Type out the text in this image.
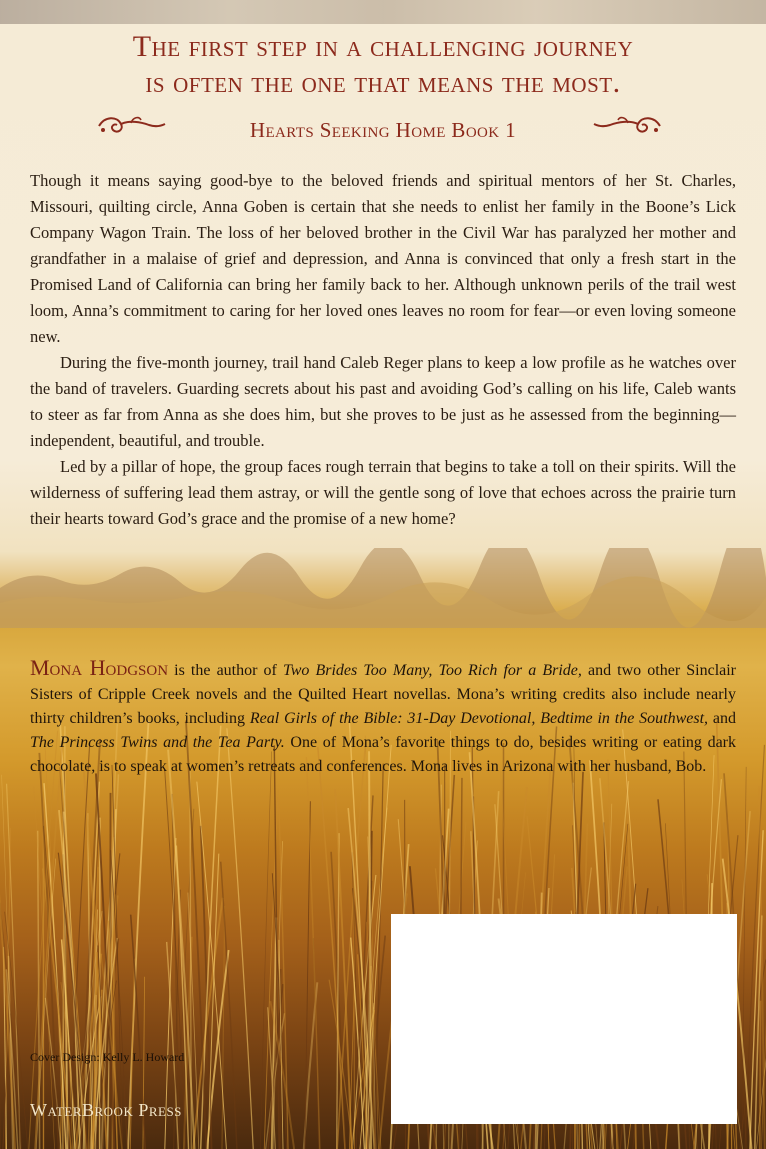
The first step in a challenging journey
is often the one that means the most.
Hearts Seeking Home Book 1

Though it means saying good-bye to the beloved friends and spiritual mentors of her St. Charles, Missouri, quilting circle, Anna Goben is certain that she needs to enlist her family in the Boone’s Lick Company Wagon Train. The loss of her beloved brother in the Civil War has paralyzed her mother and grandfather in a malaise of grief and depression, and Anna is convinced that only a fresh start in the Promised Land of California can bring her family back to her. Although unknown perils of the trail west loom, Anna’s commitment to caring for her loved ones leaves no room for fear—or even loving someone new.

During the five-month journey, trail hand Caleb Reger plans to keep a low profile as he watches over the band of travelers. Guarding secrets about his past and avoiding God’s calling on his life, Caleb wants to steer as far from Anna as she does him, but she proves to be just as he assessed from the beginning—independent, beautiful, and trouble.

Led by a pillar of hope, the group faces rough terrain that begins to take a toll on their spirits. Will the wilderness of suffering lead them astray, or will the gentle song of love that echoes across the prairie turn their hearts toward God’s grace and the promise of a new home?

Mona Hodgson is the author of Two Brides Too Many, Too Rich for a Bride, and two other Sinclair Sisters of Cripple Creek novels and the Quilted Heart novellas. Mona’s writing credits also include nearly thirty children’s books, including Real Girls of the Bible: 31-Day Devotional, Bedtime in the Southwest, and The Princess Twins and the Tea Party. One of Mona’s favorite things to do, besides writing or eating dark chocolate, is to speak at women’s retreats and conferences. Mona lives in Arizona with her husband, Bob.

Cover Design: Kelly L. Howard
WaterBrook Press
